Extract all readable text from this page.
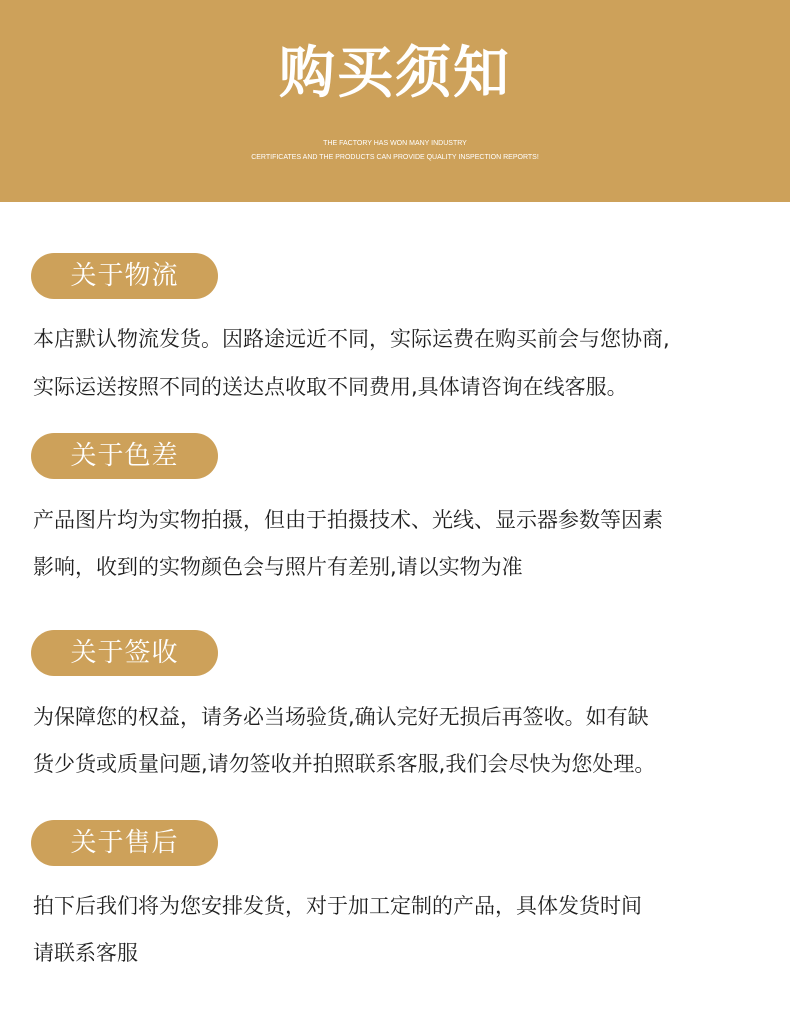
购买须知
THE FACTORY HAS WON MANY INDUSTRY
CERTIFICATES AND THE PRODUCTS CAN PROVIDE QUALITY INSPECTION REPORTS!
关于物流
本店默认物流发货。因路途远近不同，实际运费在购买前会与您协商,
实际运送按照不同的送达点收取不同费用,具体请咨询在线客服。
关于色差
产品图片均为实物拍摄，但由于拍摄技术、光线、显示器参数等因素
影响，收到的实物颜色会与照片有差别,请以实物为准
关于签收
为保障您的权益，请务必当场验货,确认完好无损后再签收。如有缺
货少货或质量问题,请勿签收并拍照联系客服,我们会尽快为您处理。
关于售后
拍下后我们将为您安排发货，对于加工定制的产品，具体发货时间
请联系客服
